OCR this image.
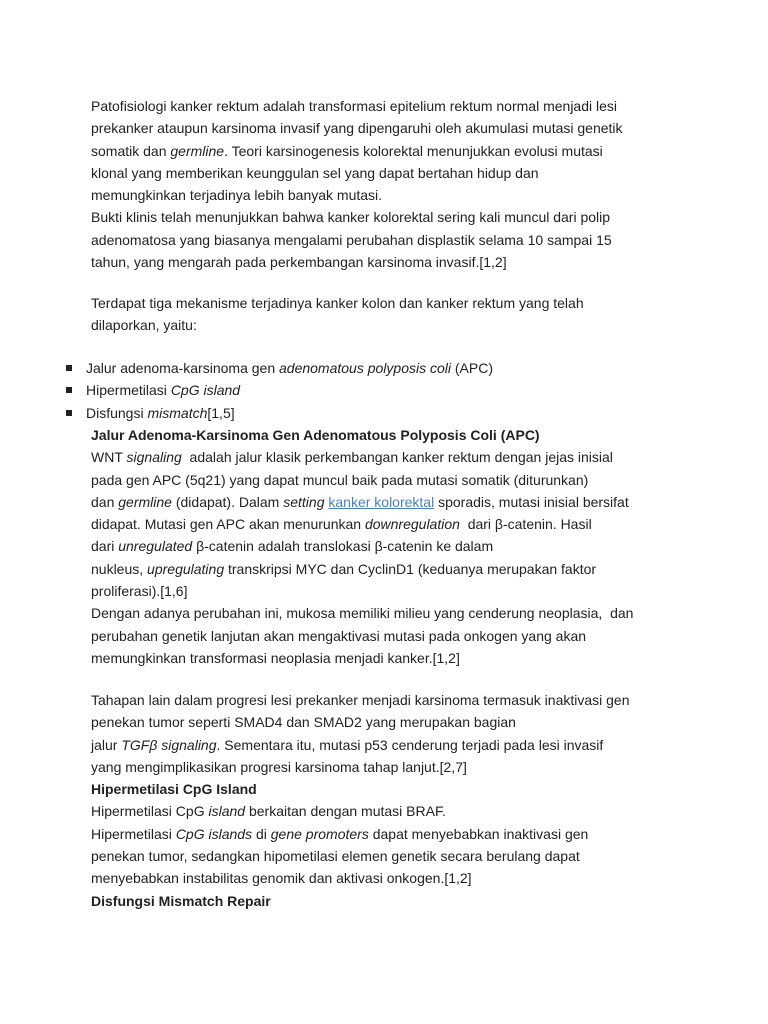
Patofisiologi kanker rektum adalah transformasi epitelium rektum normal menjadi lesi
prekanker ataupun karsinoma invasif yang dipengaruhi oleh akumulasi mutasi genetik
somatik dan germline. Teori karsinogenesis kolorektal menunjukkan evolusi mutasi
klonal yang memberikan keunggulan sel yang dapat bertahan hidup dan
memungkinkan terjadinya lebih banyak mutasi.
Bukti klinis telah menunjukkan bahwa kanker kolorektal sering kali muncul dari polip
adenomatosa yang biasanya mengalami perubahan displastik selama 10 sampai 15
tahun, yang mengarah pada perkembangan karsinoma invasif.[1,2]
Terdapat tiga mekanisme terjadinya kanker kolon dan kanker rektum yang telah
dilaporkan, yaitu:
Jalur adenoma-karsinoma gen adenomatous polyposis coli (APC)
Hipermetilasi CpG island
Disfungsi mismatch[1,5]
Jalur Adenoma-Karsinoma Gen Adenomatous Polyposis Coli (APC)
WNT signaling  adalah jalur klasik perkembangan kanker rektum dengan jejas inisial
pada gen APC (5q21) yang dapat muncul baik pada mutasi somatik (diturunkan)
dan germline (didapat). Dalam setting kanker kolorektal sporadis, mutasi inisial bersifat
didapat. Mutasi gen APC akan menurunkan downregulation  dari β-catenin. Hasil
dari unregulated β-catenin adalah translokasi β-catenin ke dalam
nukleus, upregulating transkripsi MYC dan CyclinD1 (keduanya merupakan faktor
proliferasi).[1,6]
Dengan adanya perubahan ini, mukosa memiliki milieu yang cenderung neoplasia,  dan
perubahan genetik lanjutan akan mengaktivasi mutasi pada onkogen yang akan
memungkinkan transformasi neoplasia menjadi kanker.[1,2]
Tahapan lain dalam progresi lesi prekanker menjadi karsinoma termasuk inaktivasi gen
penekan tumor seperti SMAD4 dan SMAD2 yang merupakan bagian
jalur TGFβ signaling. Sementara itu, mutasi p53 cenderung terjadi pada lesi invasif
yang mengimplikasikan progresi karsinoma tahap lanjut.[2,7]
Hipermetilasi CpG Island
Hipermetilasi CpG island berkaitan dengan mutasi BRAF.
Hipermetilasi CpG islands di gene promoters dapat menyebabkan inaktivasi gen
penekan tumor, sedangkan hipometilasi elemen genetik secara berulang dapat
menyebabkan instabilitas genomik dan aktivasi onkogen.[1,2]
Disfungsi Mismatch Repair
